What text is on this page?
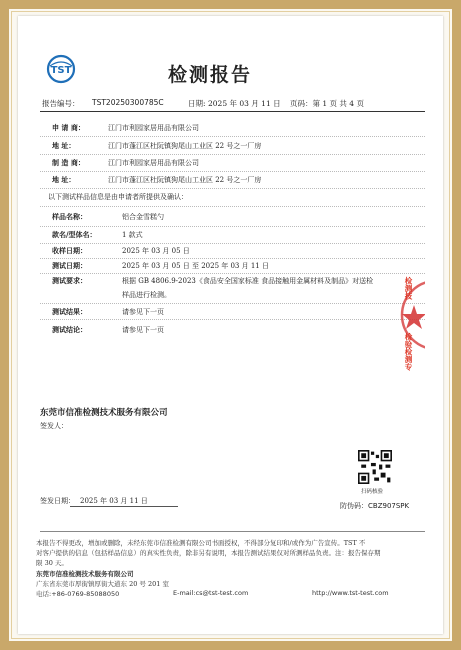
TST	检测报告
报告编号： TST20250300785C	日期: 2025 年 03 月 11 日 页码：第 1 页 共 4 页
申 请 商：	江门市利园家居用品有限公司
地 址：	江门市蓬江区杜阮镇狗尾山工业区 22 号之一厂房
制 造 商：	江门市利园家居用品有限公司
地 址：	江门市蓬江区杜阮镇狗尾山工业区 22 号之一厂房
以下测试样品信息是由申请者所提供及确认：
样品名称：	铝合金雪糕勺
款名/型体名：	1 款式
收样日期：	2025 年 03 月 05 日
测试日期：	2025 年 03 月 05 日 至 2025 年 03 月 11 日
测试要求：	根据 GB 4806.9-2023《食品安全国家标准 食品接触用金属材料及制品》对送检
样品进行检测。
测试结果：	请参见下一页
测试结论：	请参见下一页
东莞市信准检测技术服务有限公司
签发人：
扫码核验
防伪码：CBZ907SPK
签发日期： 2025 年 03 月 11 日
本报告不得更改，增加或删除，未经东莞市信准检测有限公司书面授权，不得部分复印和/或作为广告宣传。TST 不
对客户提供的信息（包括样品信息）的真实性负责，除非另有说明，本报告测试结果仅对所测样品负责。注：报告保存期
限 30 天。
东莞市信准检测技术服务有限公司
广东省东莞市厚街镇厚街大道东 20 号 201 室
电话:+86-0769-85088050	E-mail:cs@tst-test.com	http://www.tst-test.com
检测技
检验检测专
